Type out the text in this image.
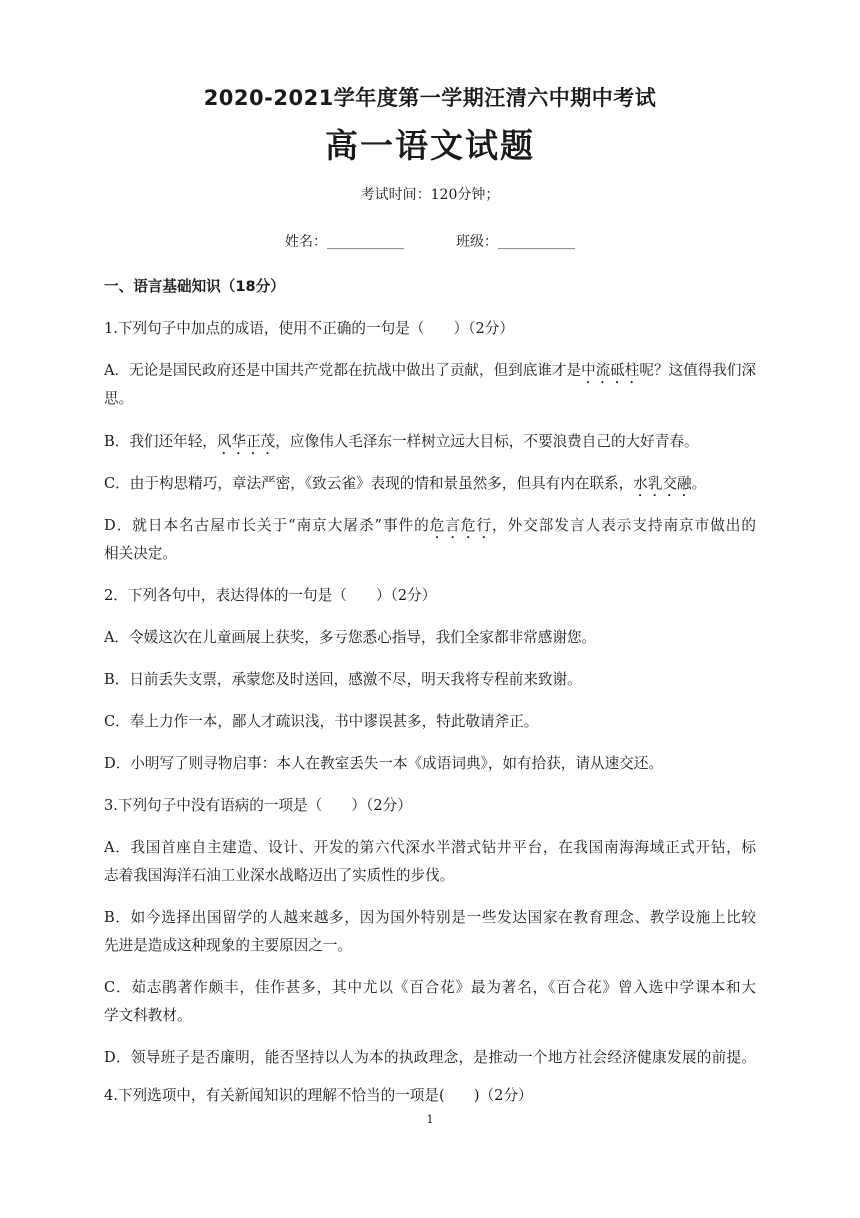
2020-2021学年度第一学期汪清六中期中考试
高一语文试题
考试时间：120分钟；
姓名：___________	班级：___________
一、语言基础知识（18分）
1.下列句子中加点的成语，使用不正确的一句是（　　）（2分）
A．无论是国民政府还是中国共产党都在抗战中做出了贡献，但到底谁才是中流砥柱呢？这值得我们深
思。
B．我们还年轻，风华正茂，应像伟人毛泽东一样树立远大目标，不要浪费自己的大好青春。
C．由于构思精巧，章法严密，《致云雀》表现的情和景虽然多，但具有内在联系，水乳交融。
D．就日本名古屋市长关于“南京大屠杀”事件的危言危行，外交部发言人表示支持南京市做出的
相关决定。
2．下列各句中，表达得体的一句是（　　）（2分）
A．令媛这次在儿童画展上获奖，多亏您悉心指导，我们全家都非常感谢您。
B．日前丢失支票，承蒙您及时送回，感激不尽，明天我将专程前来致谢。
C．奉上力作一本，鄙人才疏识浅，书中谬误甚多，特此敬请斧正。
D．小明写了则寻物启事：本人在教室丢失一本《成语词典》，如有拾获，请从速交还。
3.下列句子中没有语病的一项是（　　）（2分）
A．我国首座自主建造、设计、开发的第六代深水半潜式钻井平台，在我国南海海域正式开钻，标
志着我国海洋石油工业深水战略迈出了实质性的步伐。
B．如今选择出国留学的人越来越多，因为国外特别是一些发达国家在教育理念、教学设施上比较
先进是造成这种现象的主要原因之一。
C．茹志鹃著作颇丰，佳作甚多，其中尤以《百合花》最为著名，《百合花》曾入选中学课本和大
学文科教材。
D．领导班子是否廉明，能否坚持以人为本的执政理念，是推动一个地方社会经济健康发展的前提。
4.下列选项中，有关新闻知识的理解不恰当的一项是(　　)（2分）
1
